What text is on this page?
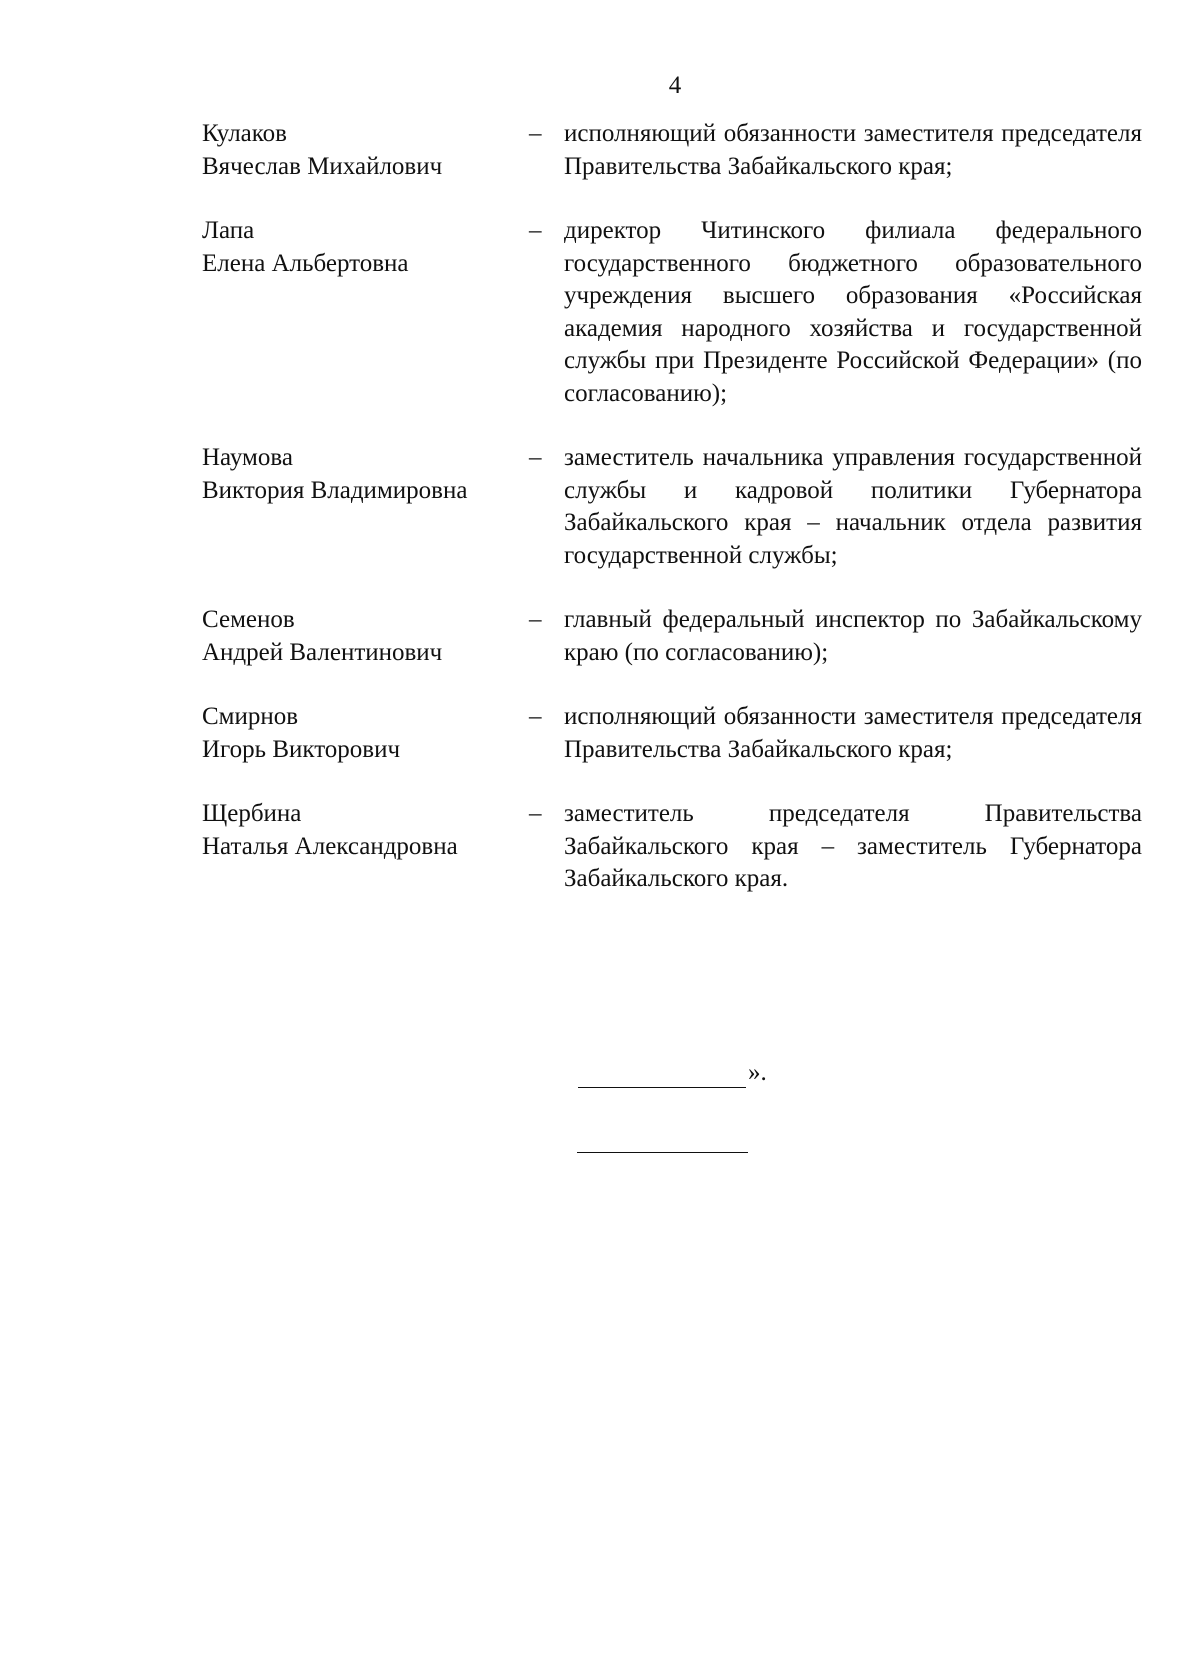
4
Кулаков
Вячеслав Михайлович
– исполняющий обязанности заместителя председателя Правительства Забайкальского края;
Лапа
Елена Альбертовна
– директор Читинского филиала федерального государственного бюджетного образовательного учреждения высшего образования «Российская академия народного хозяйства и государственной службы при Президенте Российской Федерации» (по согласованию);
Наумова
Виктория Владимировна
– заместитель начальника управления государственной службы и кадровой политики Губернатора Забайкальского края – начальник отдела развития государственной службы;
Семенов
Андрей Валентинович
– главный федеральный инспектор по Забайкальскому краю (по согласованию);
Смирнов
Игорь Викторович
– исполняющий обязанности заместителя председателя Правительства Забайкальского края;
Щербина
Наталья Александровна
– заместитель председателя Правительства Забайкальского края – заместитель Губернатора Забайкальского края.
».
